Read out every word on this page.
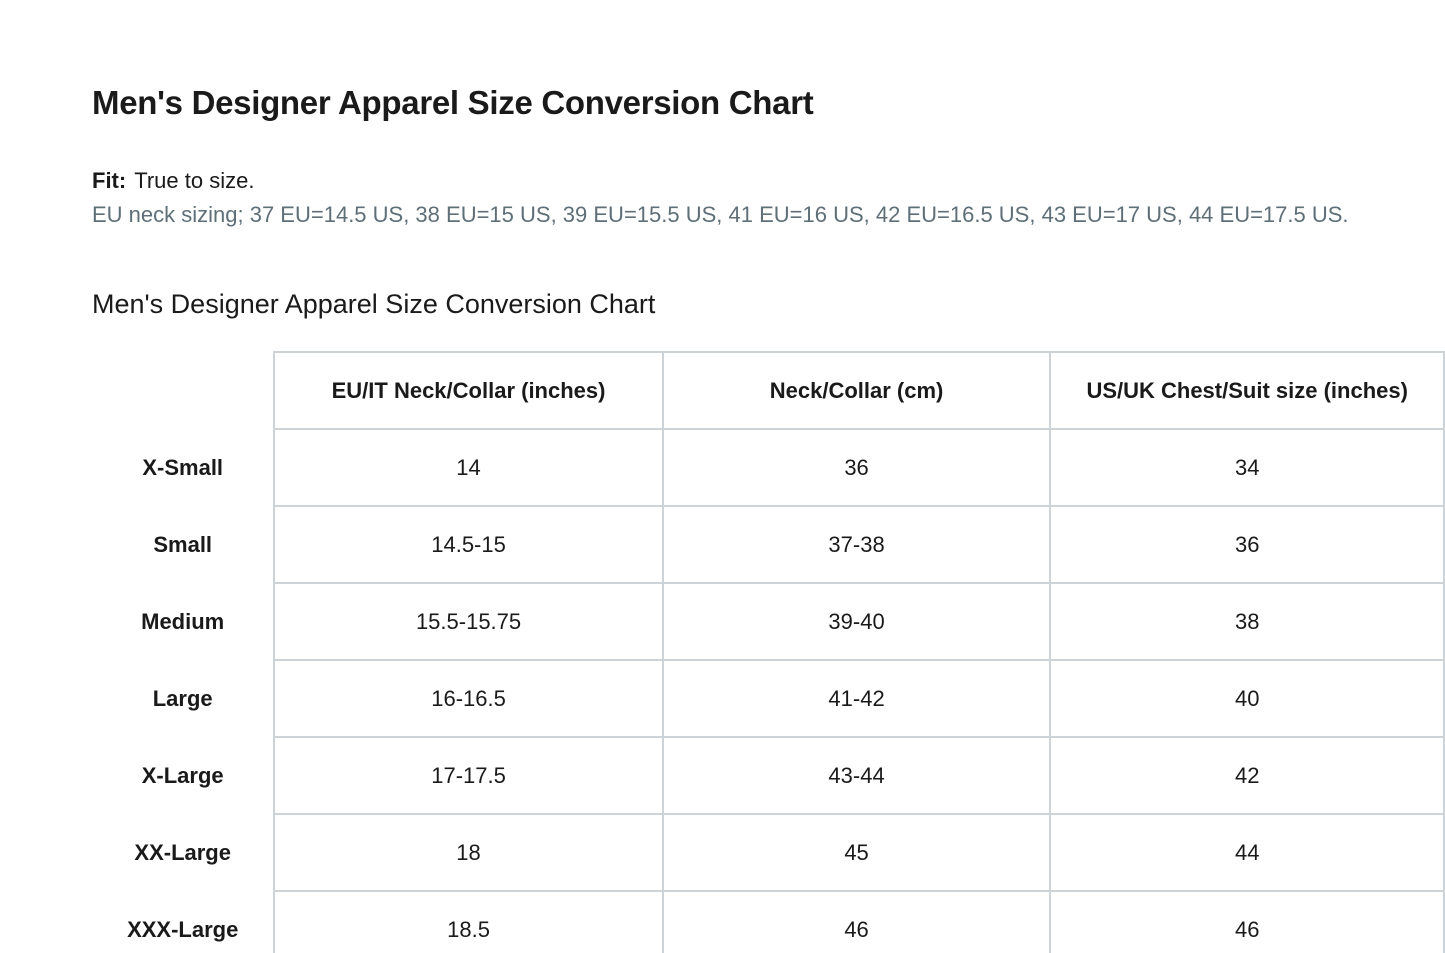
Men's Designer Apparel Size Conversion Chart
Fit: True to size.
EU neck sizing; 37 EU=14.5 US, 38 EU=15 US, 39 EU=15.5 US, 41 EU=16 US, 42 EU=16.5 US, 43 EU=17 US, 44 EU=17.5 US.
Men's Designer Apparel Size Conversion Chart
	EU/IT Neck/Collar (inches)	Neck/Collar (cm)	US/UK Chest/Suit size (inches)
X-Small	14	36	34
Small	14.5-15	37-38	36
Medium	15.5-15.75	39-40	38
Large	16-16.5	41-42	40
X-Large	17-17.5	43-44	42
XX-Large	18	45	44
XXX-Large	18.5	46	46
